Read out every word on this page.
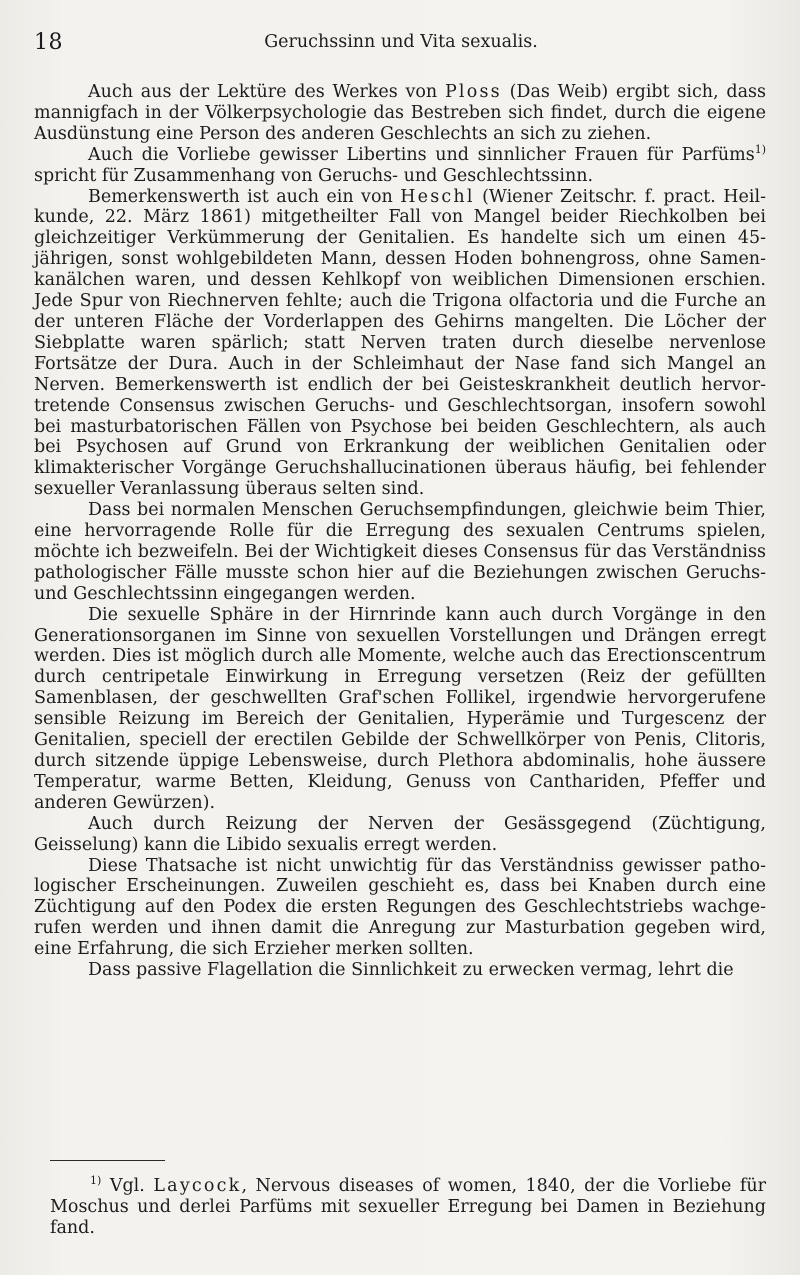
18	Geruchssinn und Vita sexualis.

Auch aus der Lektüre des Werkes von Ploss (Das Weib) ergibt sich, dass mannigfach in der Völkerpsychologie das Bestreben sich findet, durch die eigene Ausdünstung eine Person des anderen Geschlechts an sich zu ziehen.

Auch die Vorliebe gewisser Libertins und sinnlicher Frauen für Parfüms$^{1)}$ spricht für Zusammenhang von Geruchs- und Geschlechtssinn.

Bemerkenswerth ist auch ein von Heschl (Wiener Zeitschr. f. pract. Heilkunde, 22. März 1861) mitgetheilter Fall von Mangel beider Riechkolben bei gleichzeitiger Verkümmerung der Genitalien. Es handelte sich um einen 45-jährigen, sonst wohlgebildeten Mann, dessen Hoden bohnengross, ohne Samenkanälchen waren, und dessen Kehlkopf von weiblichen Dimensionen erschien. Jede Spur von Riechnerven fehlte; auch die Trigona olfactoria und die Furche an der unteren Fläche der Vorderlappen des Gehirns mangelten. Die Löcher der Siebplatte waren spärlich; statt Nerven traten durch dieselbe nervenlose Fortsätze der Dura. Auch in der Schleimhaut der Nase fand sich Mangel an Nerven. Bemerkenswerth ist endlich der bei Geisteskrankheit deutlich hervortretende Consensus zwischen Geruchs- und Geschlechtsorgan, insofern sowohl bei masturbatorischen Fällen von Psychose bei beiden Geschlechtern, als auch bei Psychosen auf Grund von Erkrankung der weiblichen Genitalien oder klimakterischer Vorgänge Geruchshallucinationen überaus häufig, bei fehlender sexueller Veranlassung überaus selten sind.

Dass bei normalen Menschen Geruchsempfindungen, gleichwie beim Thier, eine hervorragende Rolle für die Erregung des sexualen Centrums spielen, möchte ich bezweifeln. Bei der Wichtigkeit dieses Consensus für das Verständniss pathologischer Fälle musste schon hier auf die Beziehungen zwischen Geruchs- und Geschlechtssinn eingegangen werden.

Die sexuelle Sphäre in der Hirnrinde kann auch durch Vorgänge in den Generationsorganen im Sinne von sexuellen Vorstellungen und Drängen erregt werden. Dies ist möglich durch alle Momente, welche auch das Erectionscentrum durch centripetale Einwirkung in Erregung versetzen (Reiz der gefüllten Samenblasen, der geschwellten Graf'schen Follikel, irgendwie hervorgerufene sensible Reizung im Bereich der Genitalien, Hyperämie und Turgescenz der Genitalien, speciell der erectilen Gebilde der Schwellkörper von Penis, Clitoris, durch sitzende üppige Lebensweise, durch Plethora abdominalis, hohe äussere Temperatur, warme Betten, Kleidung, Genuss von Canthariden, Pfeffer und anderen Gewürzen).

Auch durch Reizung der Nerven der Gesässgegend (Züchtigung, Geisselung) kann die Libido sexualis erregt werden.

Diese Thatsache ist nicht unwichtig für das Verständniss gewisser pathologischer Erscheinungen. Zuweilen geschieht es, dass bei Knaben durch eine Züchtigung auf den Podex die ersten Regungen des Geschlechtstriebs wachgerufen werden und ihnen damit die Anregung zur Masturbation gegeben wird, eine Erfahrung, die sich Erzieher merken sollten.

Dass passive Flagellation die Sinnlichkeit zu erwecken vermag, lehrt die

$^{1)}$ Vgl. Laycock, Nervous diseases of women, 1840, der die Vorliebe für Moschus und derlei Parfüms mit sexueller Erregung bei Damen in Beziehung fand.
